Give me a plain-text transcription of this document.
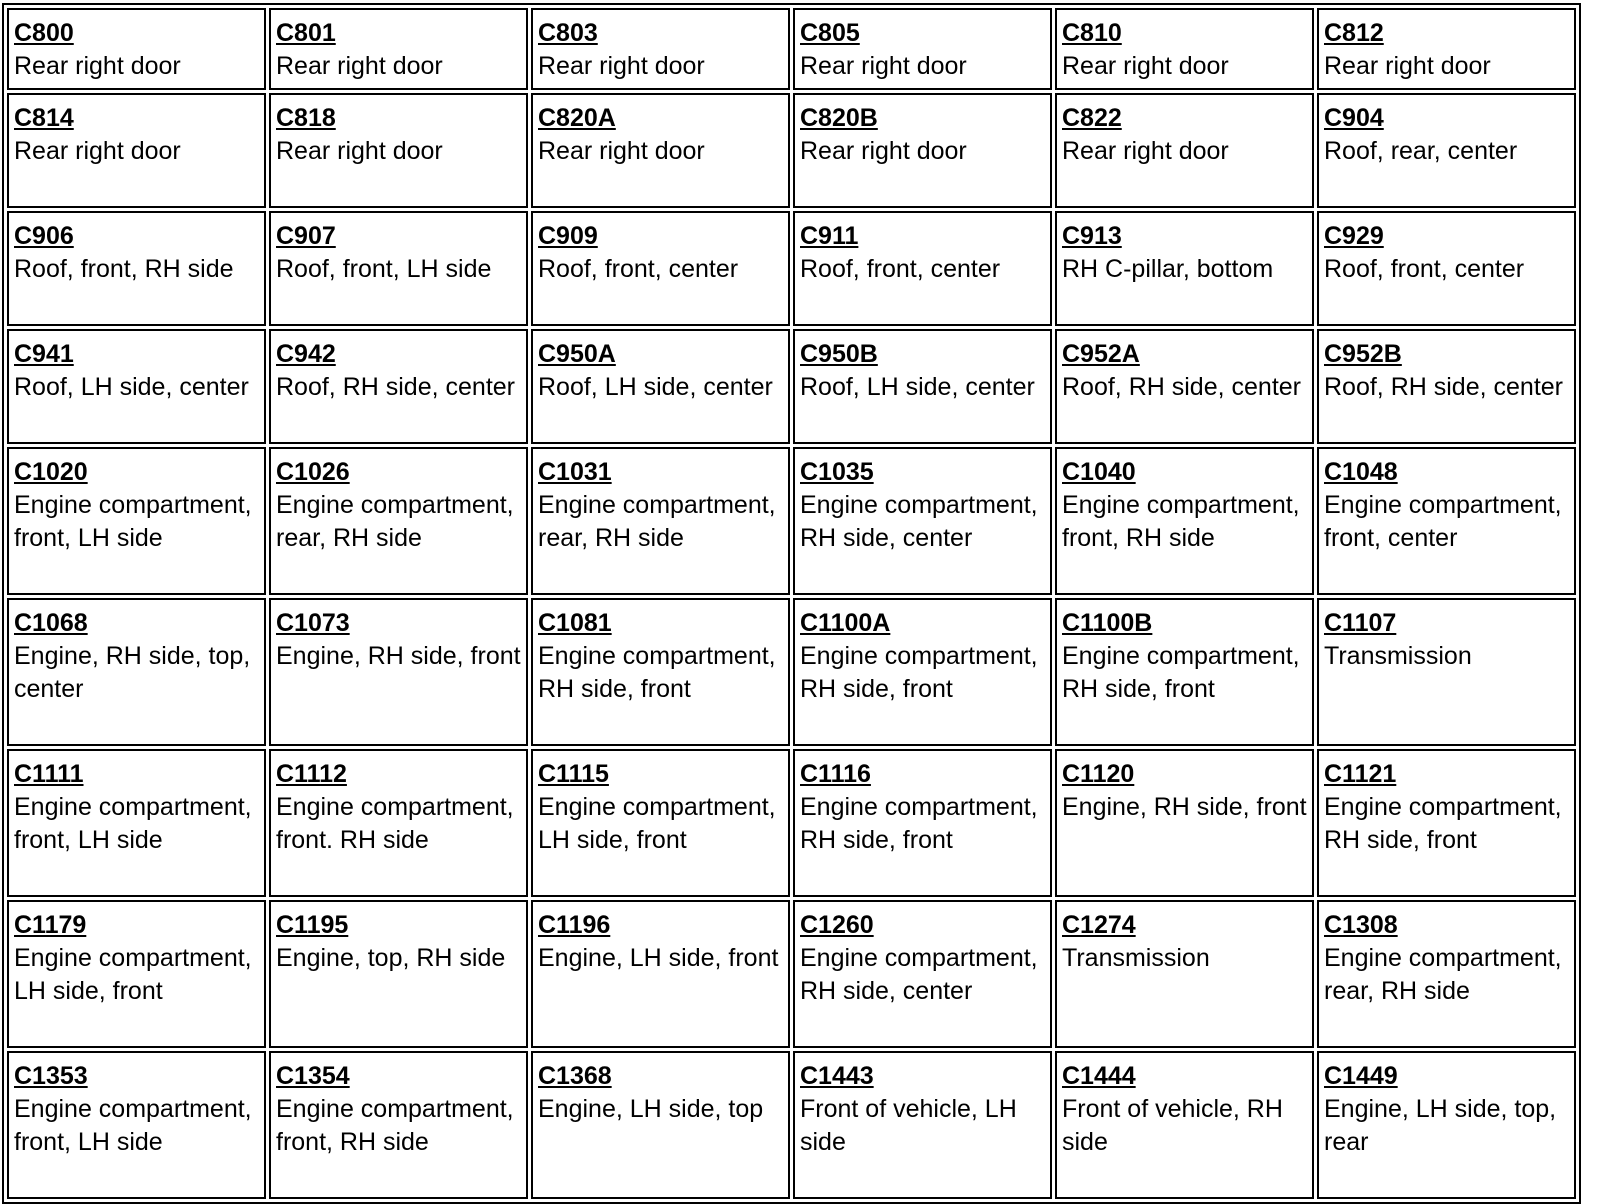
C800
Rear right door	C801
Rear right door	C803
Rear right door	C805
Rear right door	C810
Rear right door	C812
Rear right door

C814
Rear right door	C818
Rear right door	C820A
Rear right door	C820B
Rear right door	C822
Rear right door	C904
Roof, rear, center

C906
Roof, front, RH side	C907
Roof, front, LH side	C909
Roof, front, center	C911
Roof, front, center	C913
RH C-pillar, bottom	C929
Roof, front, center

C941
Roof, LH side, center	C942
Roof, RH side, center	C950A
Roof, LH side, center	C950B
Roof, LH side, center	C952A
Roof, RH side, center	C952B
Roof, RH side, center

C1020
Engine compartment, front, LH side	C1026
Engine compartment, rear, RH side	C1031
Engine compartment, rear, RH side	C1035
Engine compartment, RH side, center	C1040
Engine compartment, front, RH side	C1048
Engine compartment, front, center

C1068
Engine, RH side, top, center	C1073
Engine, RH side, front	C1081
Engine compartment, RH side, front	C1100A
Engine compartment, RH side, front	C1100B
Engine compartment, RH side, front	C1107
Transmission

C1111
Engine compartment, front, LH side	C1112
Engine compartment, front. RH side	C1115
Engine compartment, LH side, front	C1116
Engine compartment, RH side, front	C1120
Engine, RH side, front	C1121
Engine compartment, RH side, front

C1179
Engine compartment, LH side, front	C1195
Engine, top, RH side	C1196
Engine, LH side, front	C1260
Engine compartment, RH side, center	C1274
Transmission	C1308
Engine compartment, rear, RH side

C1353
Engine compartment, front, LH side	C1354
Engine compartment, front, RH side	C1368
Engine, LH side, top	C1443
Front of vehicle, LH side	C1444
Front of vehicle, RH side	C1449
Engine, LH side, top, rear
